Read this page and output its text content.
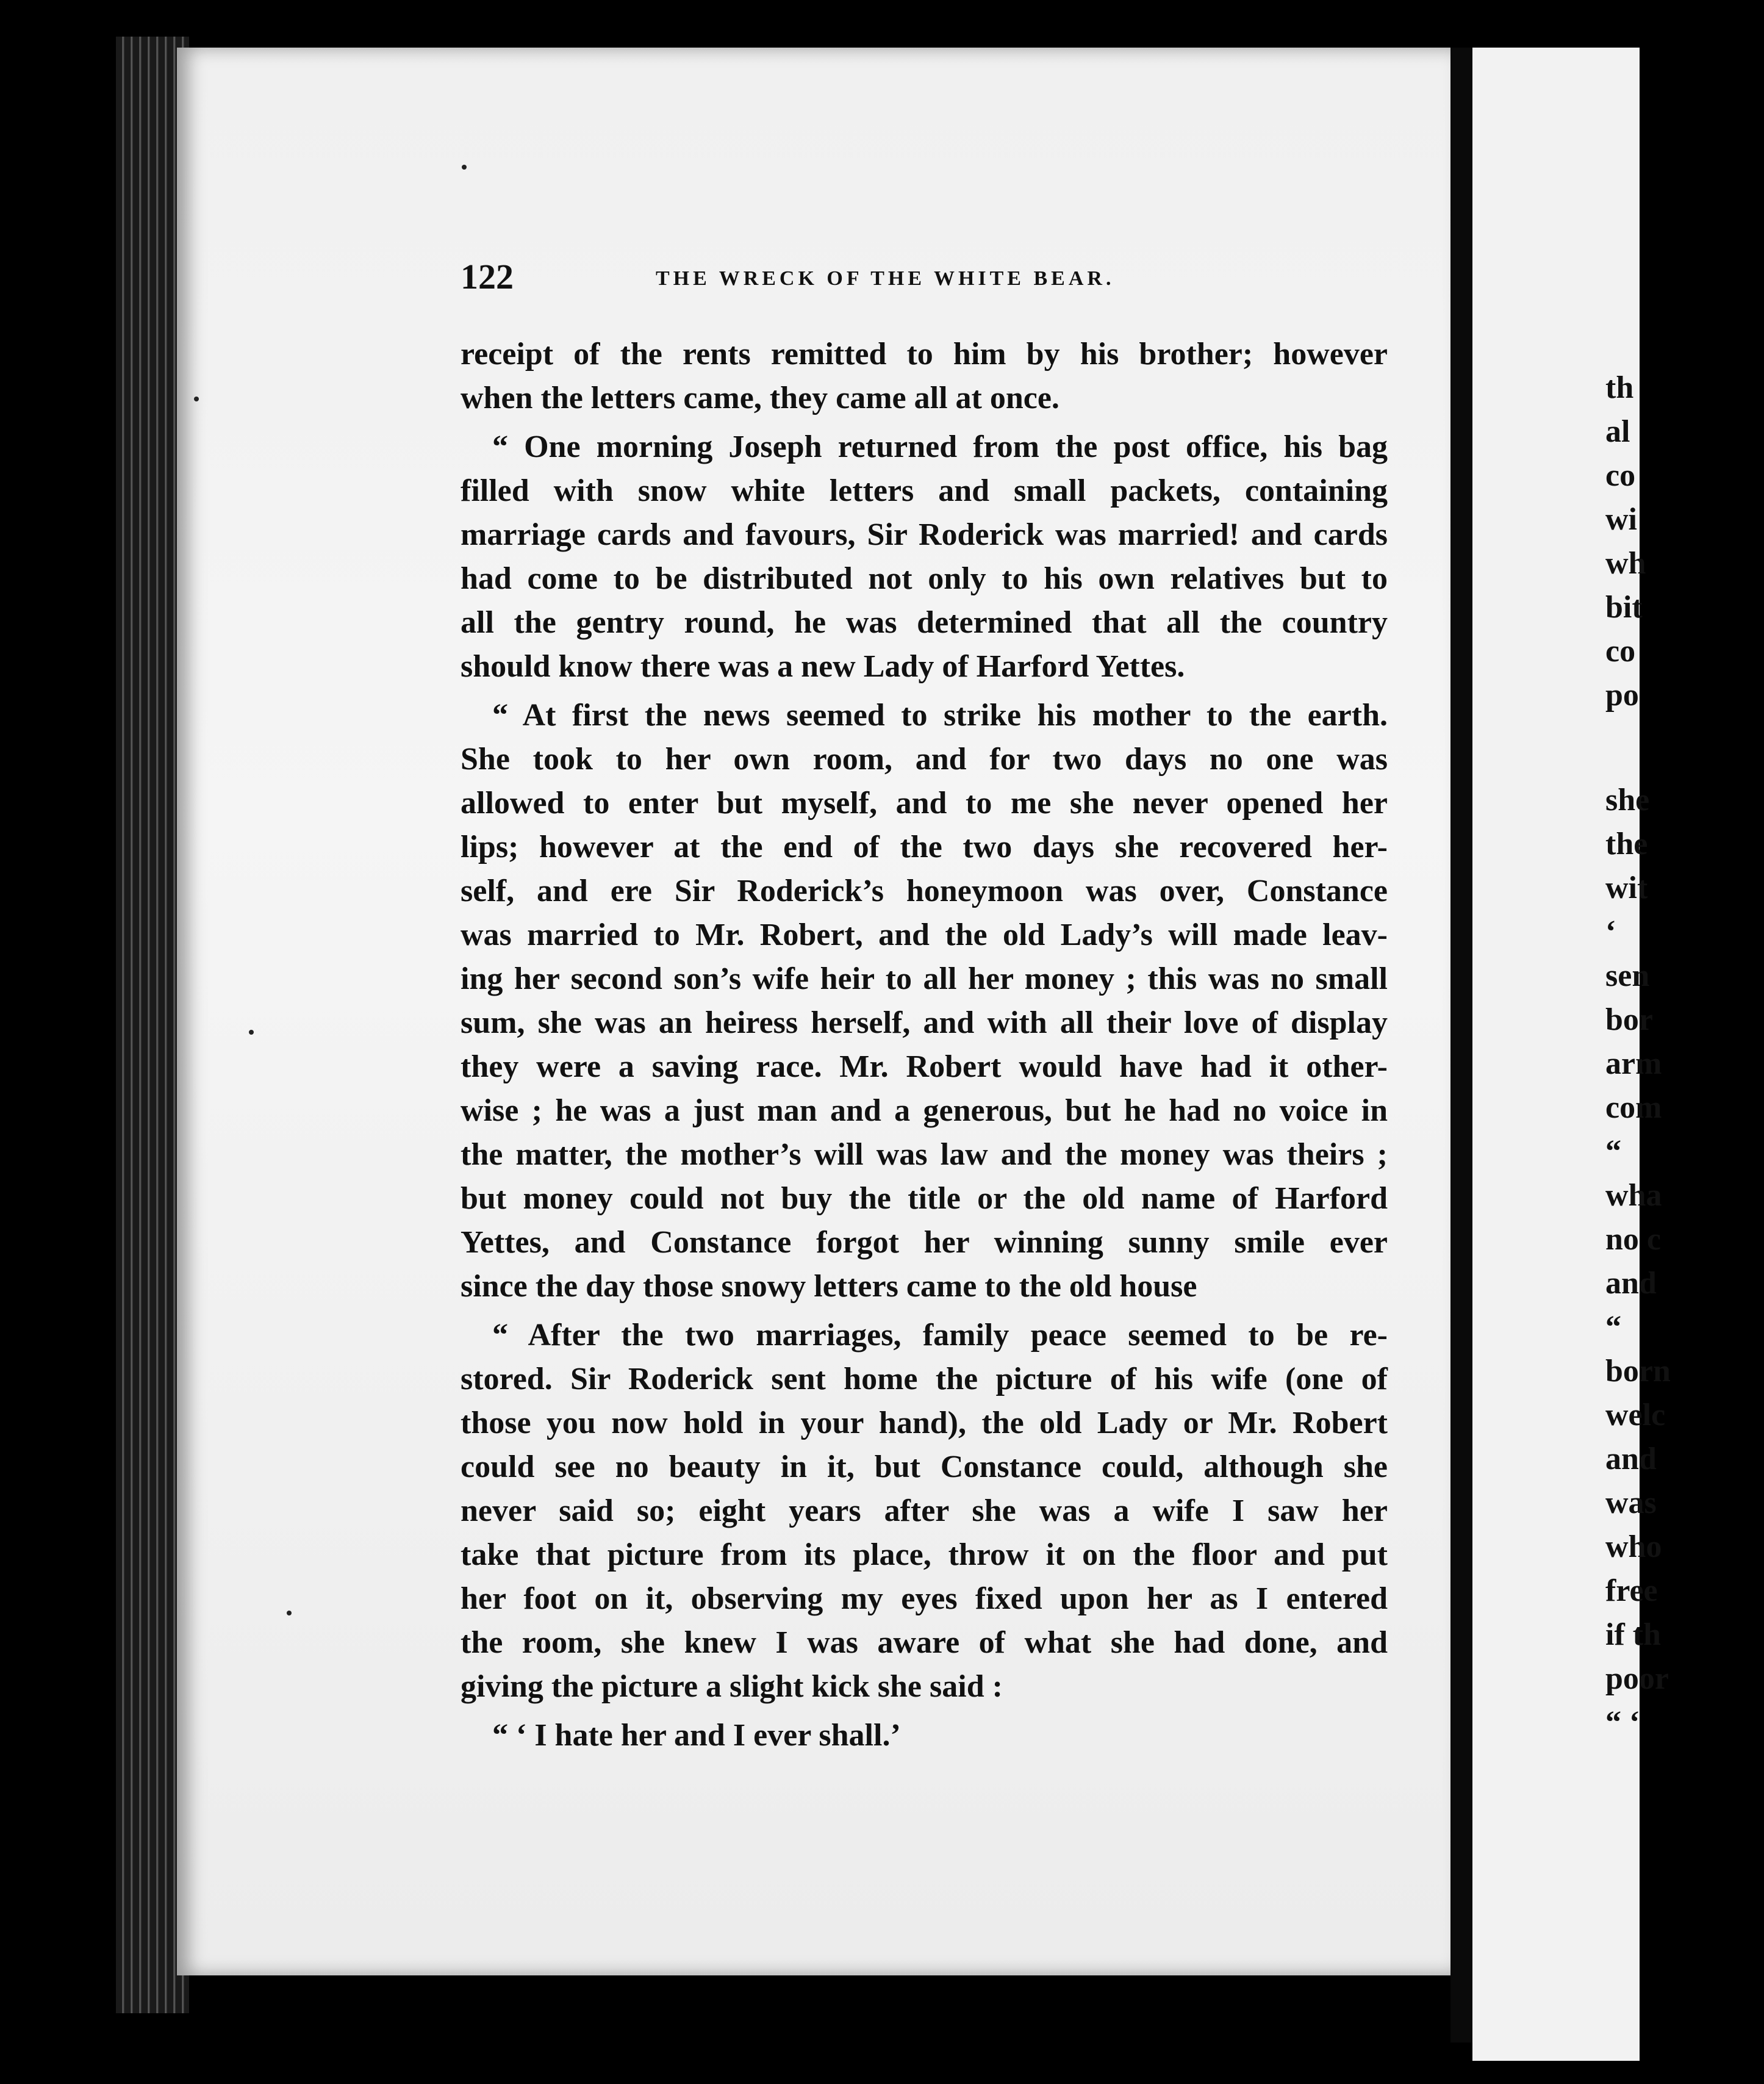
122	THE WRECK OF THE WHITE BEAR.
receipt of the rents remitted to him by his brother; however
when the letters came, they came all at once.
“ One morning Joseph returned from the post office, his bag
filled with snow white letters and small packets, containing
marriage cards and favours, Sir Roderick was married! and cards
had come to be distributed not only to his own relatives but to
all the gentry round, he was determined that all the country
should know there was a new Lady of Harford Yettes.
“ At first the news seemed to strike his mother to the earth.
She took to her own room, and for two days no one was
allowed to enter but myself, and to me she never opened her
lips; however at the end of the two days she recovered her-
self, and ere Sir Roderick’s honeymoon was over, Constance
was married to Mr. Robert, and the old Lady’s will made leav-
ing her second son’s wife heir to all her money ; this was no small
sum, she was an heiress herself, and with all their love of display
they were a saving race. Mr. Robert would have had it other-
wise ; he was a just man and a generous, but he had no voice in
the matter, the mother’s will was law and the money was theirs ;
but money could not buy the title or the old name of Harford
Yettes, and Constance forgot her winning sunny smile ever
since the day those snowy letters came to the old house
“ After the two marriages, family peace seemed to be re-
stored. Sir Roderick sent home the picture of his wife (one of
those you now hold in your hand), the old Lady or Mr. Robert
could see no beauty in it, but Constance could, although she
never said so; eight years after she was a wife I saw her
take that picture from its place, throw it on the floor and put
her foot on it, observing my eyes fixed upon her as I entered
the room, she knew I was aware of what she had done, and
giving the picture a slight kick she said :
“ ‘ I hate her and I ever shall.’
th
al
co
wi
wh
bit
co
po
she
the
wit
‘
sen
bor
arm
com
“
wha
no c
and
“
born
welc
and
was
who
free
if th
poor
“ ‘
